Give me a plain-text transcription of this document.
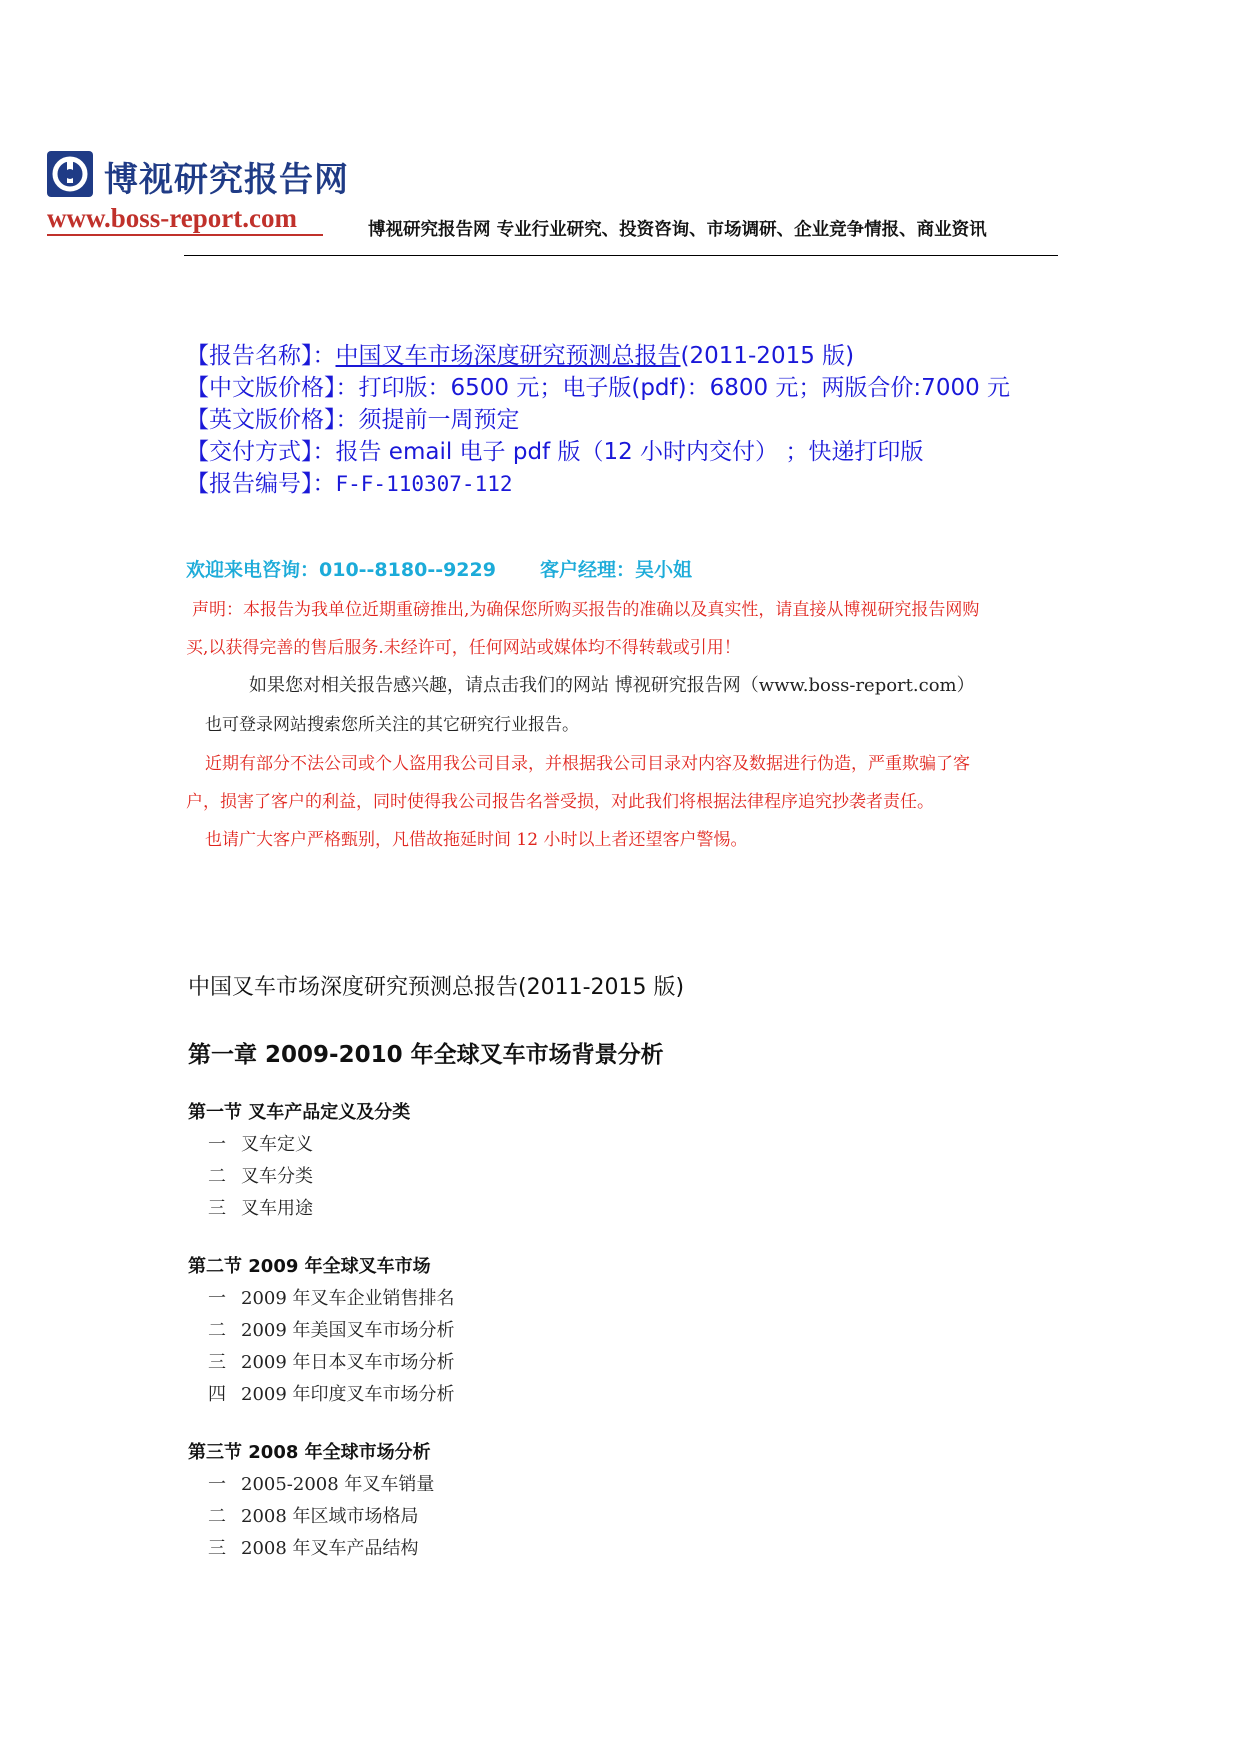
博视研究报告网
www.boss-report.com	博视研究报告网 专业行业研究、投资咨询、市场调研、企业竞争情报、商业资讯
【报告名称】：中国叉车市场深度研究预测总报告(2011-2015 版)
【中文版价格】：打印版：6500 元；电子版(pdf)：6800 元；两版合价:7000 元
【英文版价格】：须提前一周预定
【交付方式】：报告 email 电子 pdf 版（12 小时内交付） ；快递打印版
【报告编号】：F-F-110307-112
欢迎来电咨询：010--8180--9229 客户经理：吴小姐
声明：本报告为我单位近期重磅推出,为确保您所购买报告的准确以及真实性，请直接从博视研究报告网购
买,以获得完善的售后服务.未经许可，任何网站或媒体均不得转载或引用！
如果您对相关报告感兴趣，请点击我们的网站 博视研究报告网（www.boss-report.com）
也可登录网站搜索您所关注的其它研究行业报告。
近期有部分不法公司或个人盗用我公司目录，并根据我公司目录对内容及数据进行伪造，严重欺骗了客
户，损害了客户的利益，同时使得我公司报告名誉受损，对此我们将根据法律程序追究抄袭者责任。
也请广大客户严格甄别，凡借故拖延时间 12 小时以上者还望客户警惕。
中国叉车市场深度研究预测总报告(2011-2015 版)
第一章 2009-2010 年全球叉车市场背景分析
第一节 叉车产品定义及分类
一 叉车定义
二 叉车分类
三 叉车用途
第二节 2009 年全球叉车市场
一 2009 年叉车企业销售排名
二 2009 年美国叉车市场分析
三 2009 年日本叉车市场分析
四 2009 年印度叉车市场分析
第三节 2008 年全球市场分析
一 2005-2008 年叉车销量
二 2008 年区域市场格局
三 2008 年叉车产品结构
